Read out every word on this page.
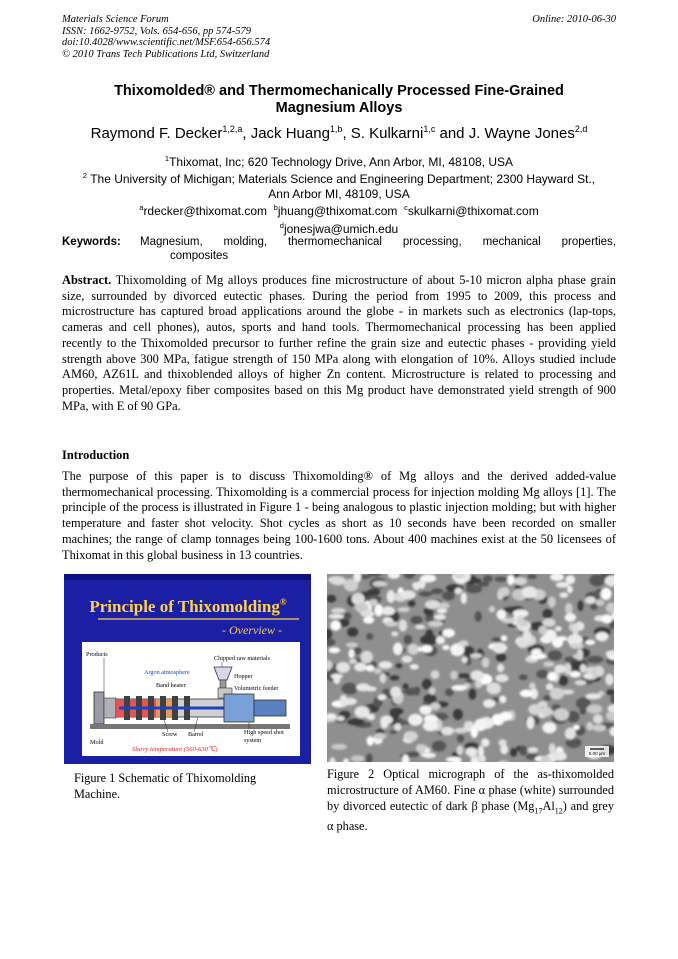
Materials Science Forum
ISSN: 1662-9752, Vols. 654-656, pp 574-579
doi:10.4028/www.scientific.net/MSF.654-656.574
© 2010 Trans Tech Publications Ltd, Switzerland
Online: 2010-06-30
Thixomolded® and Thermomechanically Processed Fine-Grained
Magnesium Alloys
Raymond F. Decker$^{1,2,a}$, Jack Huang$^{1,b}$, S. Kulkarni$^{1,c}$ and J. Wayne Jones$^{2,d}$
$^1$Thixomat, Inc; 620 Technology Drive, Ann Arbor, MI, 48108, USA
$^2$ The University of Michigan; Materials Science and Engineering Department; 2300 Hayward St.,
Ann Arbor MI, 48109, USA
$^a$rdecker@thixomat.com $^b$jhuang@thixomat.com $^c$skulkarni@thixomat.com
$^d$jonesjwa@umich.edu
Keywords:	Magnesium, molding, thermomechanical processing, mechanical properties,
composites
Abstract. Thixomolding of Mg alloys produces fine microstructure of about 5-10 micron alpha phase grain size, surrounded by divorced eutectic phases. During the period from 1995 to 2009, this process and microstructure has captured broad applications around the globe - in markets such as electronics (lap-tops, cameras and cell phones), autos, sports and hand tools. Thermomechanical processing has been applied recently to the Thixomolded precursor to further refine the grain size and eutectic phases - providing yield strength above 300 MPa, fatigue strength of 150 MPa along with elongation of 10%. Alloys studied include AM60, AZ61L and thixoblended alloys of higher Zn content. Microstructure is related to processing and properties. Metal/epoxy fiber composites based on this Mg product have demonstrated yield strength of 900 MPa, with E of 90 GPa.
Introduction
The purpose of this paper is to discuss Thixomolding® of Mg alloys and the derived added-value thermomechanical processing. Thixomolding is a commercial process for injection molding Mg alloys [1]. The principle of the process is illustrated in Figure 1 - being analogous to plastic injection molding; but with higher temperature and faster shot velocity. Shot cycles as short as 10 seconds have been recorded on smaller machines; the range of clamp tonnages being 100-1600 tons. About 400 machines exist at the 50 licensees of Thixomat in this global business in 13 countries.
Principle of Thixomolding®
- Overview -
Chipped raw materials
Products
Argon atmosphere
Hopper
Band heater	Volumetric feeder
Screw Barrel	High speed shot
system
Mold
Slurry temperature (560-630℃)
5.00 µm
Figure 1 Schematic of Thixomolding Machine.
Figure 2 Optical micrograph of the as-thixomolded microstructure of AM60. Fine α phase (white) surrounded by divorced eutectic of dark β phase $(Mg_{17}Al_{12})$ and grey α phase.
